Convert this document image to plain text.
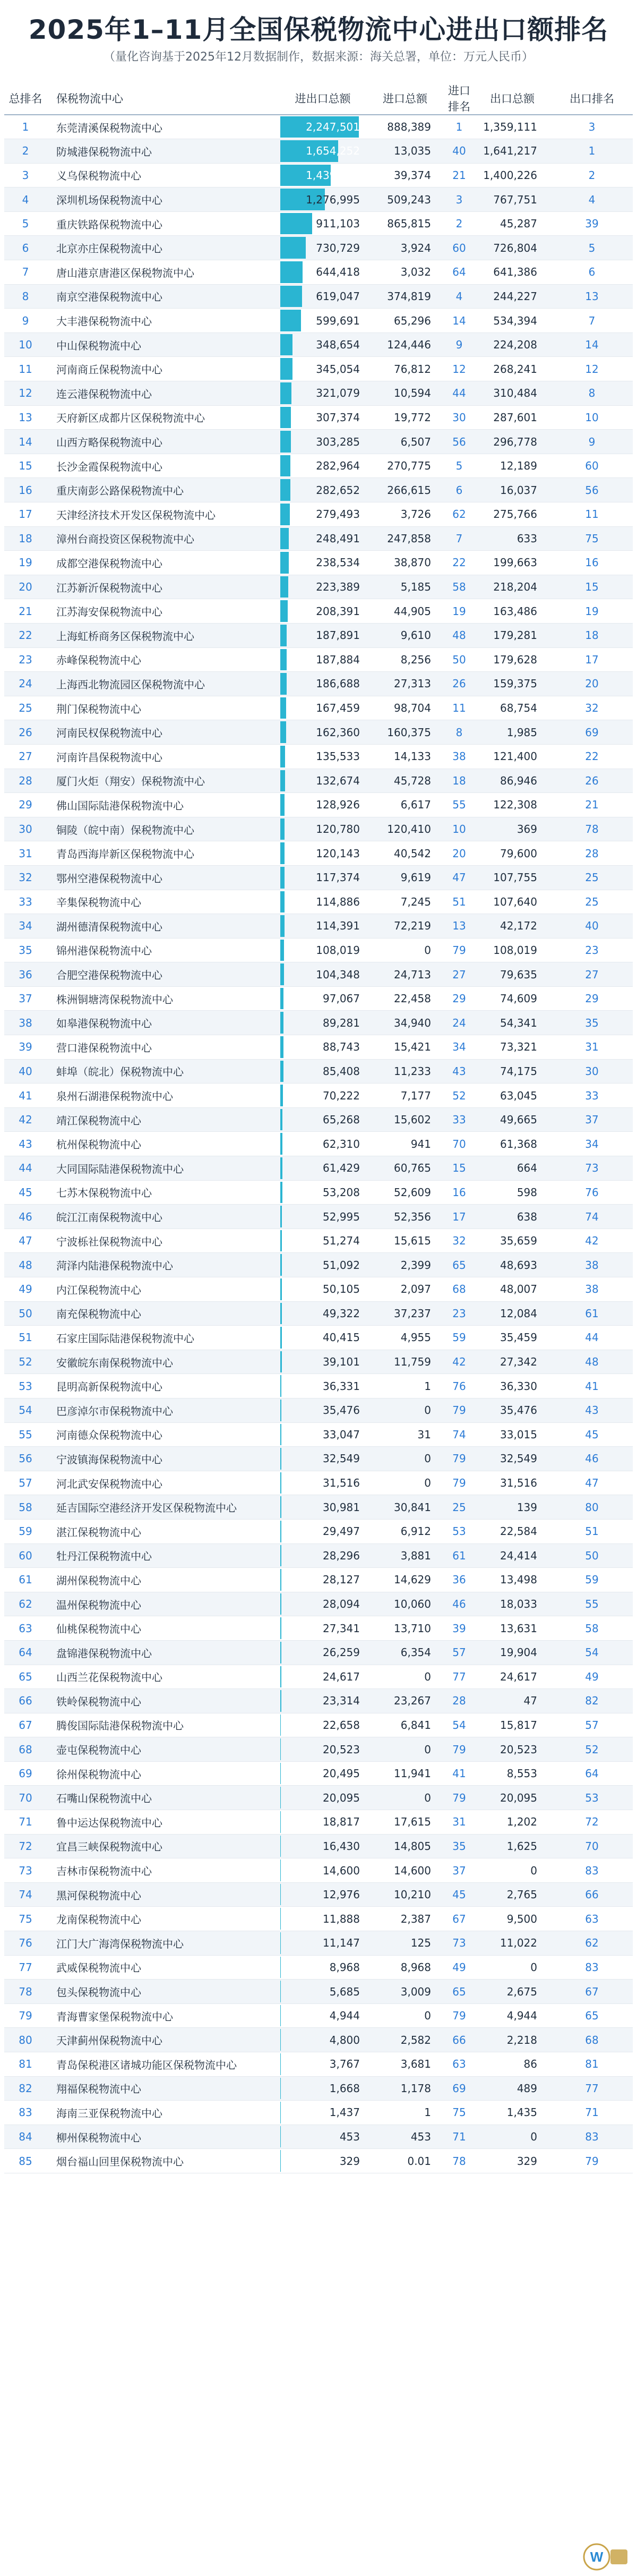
2025年1–11月全国保税物流中心进出口额排名
（量化咨询基于2025年12月数据制作，数据来源：海关总署，单位：万元人民币）
总排名	保税物流中心	进出口总额	进口总额	进口排名	出口总额	出口排名
1	东莞清溪保税物流中心	2,247,501	888,389	1	1,359,111	3
2	防城港保税物流中心	1,654,252	13,035	40	1,641,217	1
3	义乌保税物流中心	1,439,600	39,374	21	1,400,226	2
4	深圳机场保税物流中心	1,276,995	509,243	3	767,751	4
5	重庆铁路保税物流中心	911,103	865,815	2	45,287	39
6	北京亦庄保税物流中心	730,729	3,924	60	726,804	5
7	唐山港京唐港区保税物流中心	644,418	3,032	64	641,386	6
8	南京空港保税物流中心	619,047	374,819	4	244,227	13
9	大丰港保税物流中心	599,691	65,296	14	534,394	7
10	中山保税物流中心	348,654	124,446	9	224,208	14
11	河南商丘保税物流中心	345,054	76,812	12	268,241	12
12	连云港保税物流中心	321,079	10,594	44	310,484	8
13	天府新区成都片区保税物流中心	307,374	19,772	30	287,601	10
14	山西方略保税物流中心	303,285	6,507	56	296,778	9
15	长沙金霞保税物流中心	282,964	270,775	5	12,189	60
16	重庆南彭公路保税物流中心	282,652	266,615	6	16,037	56
17	天津经济技术开发区保税物流中心	279,493	3,726	62	275,766	11
18	漳州台商投资区保税物流中心	248,491	247,858	7	633	75
19	成都空港保税物流中心	238,534	38,870	22	199,663	16
20	江苏新沂保税物流中心	223,389	5,185	58	218,204	15
21	江苏海安保税物流中心	208,391	44,905	19	163,486	19
22	上海虹桥商务区保税物流中心	187,891	9,610	48	179,281	18
23	赤峰保税物流中心	187,884	8,256	50	179,628	17
24	上海西北物流园区保税物流中心	186,688	27,313	26	159,375	20
25	荆门保税物流中心	167,459	98,704	11	68,754	32
26	河南民权保税物流中心	162,360	160,375	8	1,985	69
27	河南许昌保税物流中心	135,533	14,133	38	121,400	22
28	厦门火炬（翔安）保税物流中心	132,674	45,728	18	86,946	26
29	佛山国际陆港保税物流中心	128,926	6,617	55	122,308	21
30	铜陵（皖中南）保税物流中心	120,780	120,410	10	369	78
31	青岛西海岸新区保税物流中心	120,143	40,542	20	79,600	28
32	鄂州空港保税物流中心	117,374	9,619	47	107,755	25
33	辛集保税物流中心	114,886	7,245	51	107,640	25
34	湖州德清保税物流中心	114,391	72,219	13	42,172	40
35	锦州港保税物流中心	108,019	0	79	108,019	23
36	合肥空港保税物流中心	104,348	24,713	27	79,635	27
37	株洲铜塘湾保税物流中心	97,067	22,458	29	74,609	29
38	如皋港保税物流中心	89,281	34,940	24	54,341	35
39	营口港保税物流中心	88,743	15,421	34	73,321	31
40	蚌埠（皖北）保税物流中心	85,408	11,233	43	74,175	30
41	泉州石湖港保税物流中心	70,222	7,177	52	63,045	33
42	靖江保税物流中心	65,268	15,602	33	49,665	37
43	杭州保税物流中心	62,310	941	70	61,368	34
44	大同国际陆港保税物流中心	61,429	60,765	15	664	73
45	七苏木保税物流中心	53,208	52,609	16	598	76
46	皖江江南保税物流中心	52,995	52,356	17	638	74
47	宁波栎社保税物流中心	51,274	15,615	32	35,659	42
48	菏泽内陆港保税物流中心	51,092	2,399	65	48,693	38
49	内江保税物流中心	50,105	2,097	68	48,007	38
50	南充保税物流中心	49,322	37,237	23	12,084	61
51	石家庄国际陆港保税物流中心	40,415	4,955	59	35,459	44
52	安徽皖东南保税物流中心	39,101	11,759	42	27,342	48
53	昆明高新保税物流中心	36,331	1	76	36,330	41
54	巴彦淖尔市保税物流中心	35,476	0	79	35,476	43
55	河南德众保税物流中心	33,047	31	74	33,015	45
56	宁波镇海保税物流中心	32,549	0	79	32,549	46
57	河北武安保税物流中心	31,516	0	79	31,516	47
58	延吉国际空港经济开发区保税物流中心	30,981	30,841	25	139	80
59	湛江保税物流中心	29,497	6,912	53	22,584	51
60	牡丹江保税物流中心	28,296	3,881	61	24,414	50
61	湖州保税物流中心	28,127	14,629	36	13,498	59
62	温州保税物流中心	28,094	10,060	46	18,033	55
63	仙桃保税物流中心	27,341	13,710	39	13,631	58
64	盘锦港保税物流中心	26,259	6,354	57	19,904	54
65	山西兰花保税物流中心	24,617	0	77	24,617	49
66	铁岭保税物流中心	23,314	23,267	28	47	82
67	腾俊国际陆港保税物流中心	22,658	6,841	54	15,817	57
68	壶屯保税物流中心	20,523	0	79	20,523	52
69	徐州保税物流中心	20,495	11,941	41	8,553	64
70	石嘴山保税物流中心	20,095	0	79	20,095	53
71	鲁中运达保税物流中心	18,817	17,615	31	1,202	72
72	宜昌三峡保税物流中心	16,430	14,805	35	1,625	70
73	吉林市保税物流中心	14,600	14,600	37	0	83
74	黑河保税物流中心	12,976	10,210	45	2,765	66
75	龙南保税物流中心	11,888	2,387	67	9,500	63
76	江门大广海湾保税物流中心	11,147	125	73	11,022	62
77	武威保税物流中心	8,968	8,968	49	0	83
78	包头保税物流中心	5,685	3,009	65	2,675	67
79	青海曹家堡保税物流中心	4,944	0	79	4,944	65
80	天津蓟州保税物流中心	4,800	2,582	66	2,218	68
81	青岛保税港区诸城功能区保税物流中心	3,767	3,681	63	86	81
82	翔福保税物流中心	1,668	1,178	69	489	77
83	海南三亚保税物流中心	1,437	1	75	1,435	71
84	柳州保税物流中心	453	453	71	0	83
85	烟台福山回里保税物流中心	329	0.01	78	329	79
W
